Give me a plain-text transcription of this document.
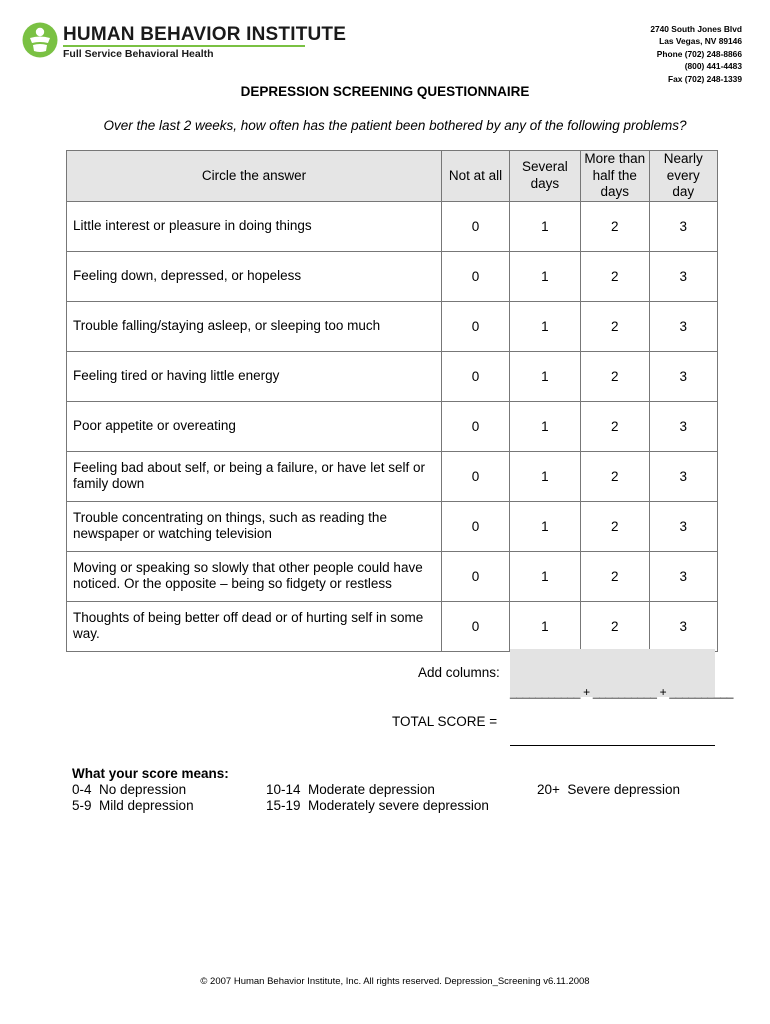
HUMAN BEHAVIOR INSTITUTE
Full Service Behavioral Health
2740 South Jones Blvd
Las Vegas, NV 89146
Phone (702) 248-8866
(800) 441-4483
Fax (702) 248-1339
DEPRESSION SCREENING QUESTIONNAIRE
Over the last 2 weeks, how often has the patient been bothered by any of the following problems?
Circle the answer	Not at all	Several days	More than half the days	Nearly every day
Little interest or pleasure in doing things	0	1	2	3
Feeling down, depressed, or hopeless	0	1	2	3
Trouble falling/staying asleep, or sleeping too much	0	1	2	3
Feeling tired or having little energy	0	1	2	3
Poor appetite or overeating	0	1	2	3
Feeling bad about self, or being a failure, or have let self or family down	0	1	2	3
Trouble concentrating on things, such as reading the newspaper or watching television	0	1	2	3
Moving or speaking so slowly that other people could have noticed. Or the opposite – being so fidgety or restless	0	1	2	3
Thoughts of being better off dead or of hurting self in some way.	0	1	2	3
Add columns:
___________ + __________ + __________
TOTAL SCORE =
What your score means:
0-4 No depression
5-9 Mild depression
10-14 Moderate depression
15-19 Moderately severe depression
20+ Severe depression
© 2007 Human Behavior Institute, Inc. All rights reserved. Depression_Screening v6.11.2008
